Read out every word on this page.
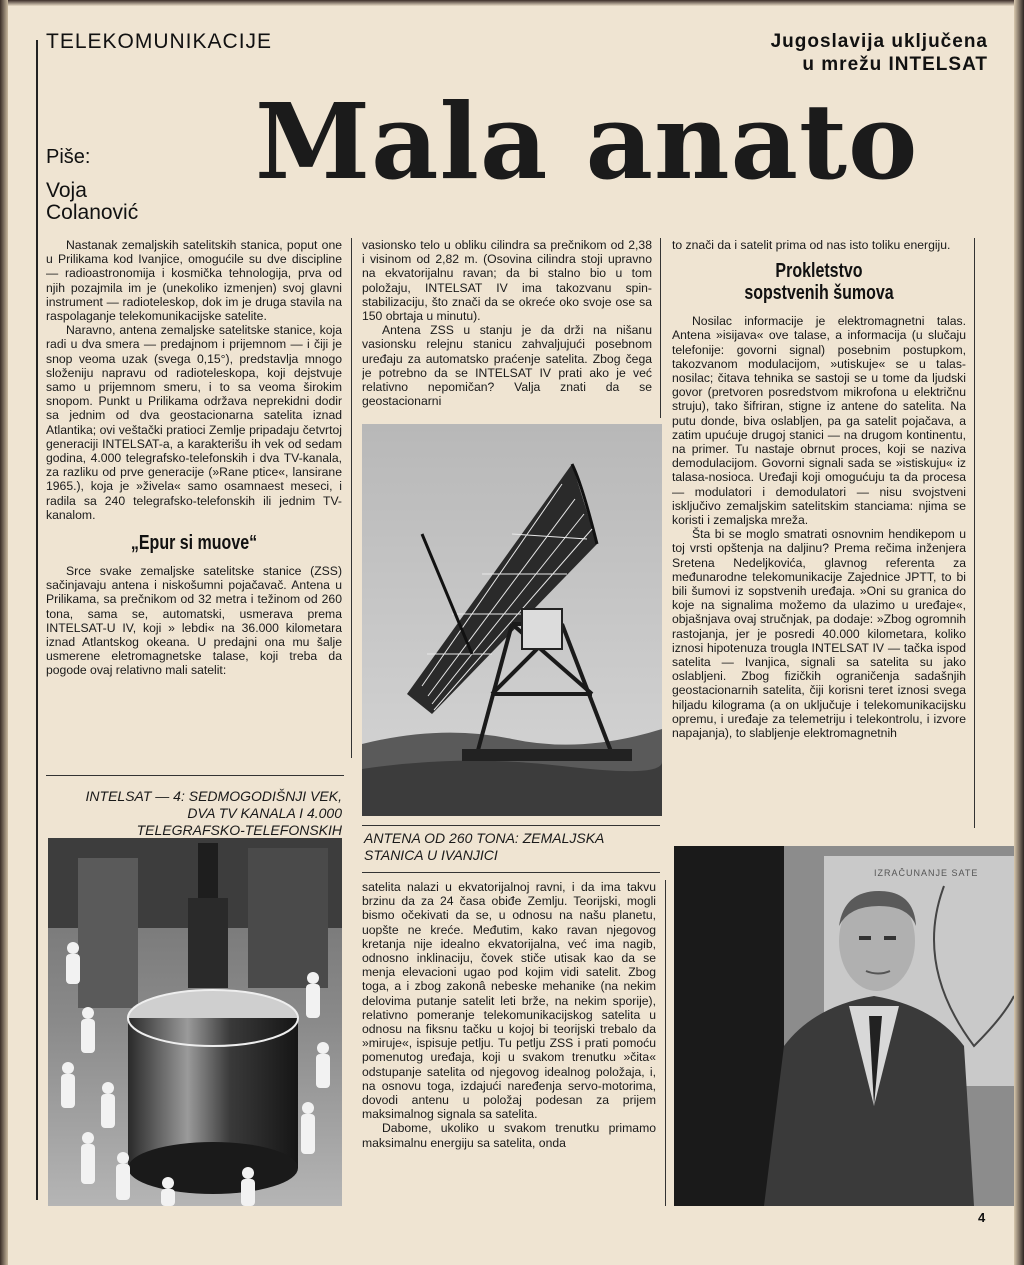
TELEKOMUNIKACIJE	Jugoslavija uključena
u mrežu INTELSAT
Mala anato
Piše:
Voja
Colanović

Nastanak zemaljskih satelitskih stanica, poput one u Prilikama kod Ivanjice, omogućile su dve discipline — radioastronomija i kosmička tehnologija, prva od njih pozajmila im je (unekoliko izmenjen) svoj glavni instrument — radioteleskop, dok im je druga stavila na raspolaganje telekomunikacijske satelite.

Naravno, antena zemaljske satelitske stanice, koja radi u dva smera — predajnom i prijemnom — i čiji je snop veoma uzak (svega 0,15°), predstavlja mnogo složeniju napravu od radioteleskopa, koji dejstvuje samo u prijemnom smeru, i to sa veoma širokim snopom. Punkt u Prilikama održava neprekidni dodir sa jednim od dva geostacionarna satelita iznad Atlantika; ovi veštački pratioci Zemlje pripadaju četvrtoj generaciji INTELSAT-a, a karakterišu ih vek od sedam godina, 4.000 telegrafsko-telefonskih i dva TV-kanala, za razliku od prve generacije (»Rane ptice«, lansirane 1965.), koja je »živela« samo osamnaest meseci, i radila sa 240 telegrafsko-telefonskih ili jednim TV-kanalom.

„Epur si muove“

Srce svake zemaljske satelitske stanice (ZSS) sačinjavaju antena i niskošumni pojačavač. Antena u Prilikama, sa prečnikom od 32 metra i težinom od 260 tona, sama se, automatski, usmerava prema INTELSAT-U IV, koji » lebdi« na 36.000 kilometara iznad Atlantskog okeana. U predajni ona mu šalje usmerene eletromagnetske talase, koji treba da pogode ovaj relativno mali satelit:

INTELSAT — 4: SEDMOGODIŠNJI VEK,
DVA TV KANALA I 4.000
TELEGRAFSKO-TELEFONSKIH

vasionsko telo u obliku cilindra sa prečnikom od 2,38 i visinom od 2,82 m. (Osovina cilindra stoji upravno na ekvatorijalnu ravan; da bi stalno bio u tom položaju, INTELSAT IV ima takozvanu spin-stabilizaciju, što znači da se okreće oko svoje ose sa 150 obrtaja u minutu).

Antena ZSS u stanju je da drži na nišanu vasionsku relejnu stanicu zahvaljujući posebnom uređaju za automatsko praćenje satelita. Zbog čega je potrebno da se INTELSAT IV prati ako je već relativno nepomičan? Valja znati da se geostacionarni

ANTENA OD 260 TONA: ZEMALJSKA
STANICA U IVANJICI

satelita nalazi u ekvatorijalnoj ravni, i da ima takvu brzinu da za 24 časa obiđe Zemlju. Teorijski, mogli bismo očekivati da se, u odnosu na našu planetu, uopšte ne kreće. Međutim, kako ravan njegovog kretanja nije idealno ekvatorijalna, već ima nagib, odnosno inklinaciju, čovek stiče utisak kao da se menja elevacioni ugao pod kojim vidi satelit. Zbog toga, a i zbog zakonâ nebeske mehanike (na nekim delovima putanje satelit leti brže, na nekim sporije), relativno pomeranje telekomunikacijskog satelita u odnosu na fiksnu tačku u kojoj bi teorijski trebalo da »miruje«, ispisuje petlju. Tu petlju ZSS i prati pomoću pomenutog uređaja, koji u svakom trenutku »čita« odstupanje satelita od njegovog idealnog položaja, i, na osnovu toga, izdajući naređenja servo-motorima, dovodi antenu u položaj podesan za prijem maksimalnog signala sa satelita.

Dabome, ukoliko u svakom trenutku primamo maksimalnu energiju sa satelita, onda

to znači da i satelit prima od nas isto toliku energiju.

Prokletstvo
sopstvenih šumova

Nosilac informacije je elektromagnetni talas. Antena »isijava« ove talase, a informacija (u slučaju telefonije: govorni signal) posebnim postupkom, takozvanom modulacijom, »utiskuje« se u talas-nosilac; čitava tehnika se sastoji se u tome da ljudski govor (pretvoren posredstvom mikrofona u električnu struju), tako šifriran, stigne iz antene do satelita. Na putu donde, biva oslabljen, pa ga satelit pojačava, a zatim upućuje drugoj stanici — na drugom kontinentu, na primer. Tu nastaje obrnut proces, koji se naziva demodulacijom. Govorni signali sada se »istiskuju« iz talasa-nosioca. Uređaji koji omogućuju ta da procesa — modulatori i demodulatori — nisu svojstveni isključivo zemaljskim satelitskim stanciama: njima se koristi i zemaljska mreža.

Šta bi se moglo smatrati osnovnim hendikepom u toj vrsti opštenja na daljinu? Prema rečima inženjera Sretena Nedeljkovića, glavnog referenta za međunarodne telekomunikacije Zajednice JPTT, to bi bili šumovi iz sopstvenih uređaja. »Oni su granica do koje na signalima možemo da ulazimo u uređaje«, objašnjava ovaj stručnjak, pa dodaje: »Zbog ogromnih rastojanja, jer je posredi 40.000 kilometara, koliko iznosi hipotenuza trougla INTELSAT IV — tačka ispod satelita — Ivanjica, signali sa satelita su jako oslabljeni. Zbog fizičkih ograničenja sadašnjih geostacionarnih satelita, čiji korisni teret iznosi svega hiljadu kilograma (a on uključuje i telekomunikacijsku opremu, i uređaje za telemetriju i telekontrolu, i izvore napajanja), to slabljenje elektromagnetnih

IZRAČUNANJE SATE
4
